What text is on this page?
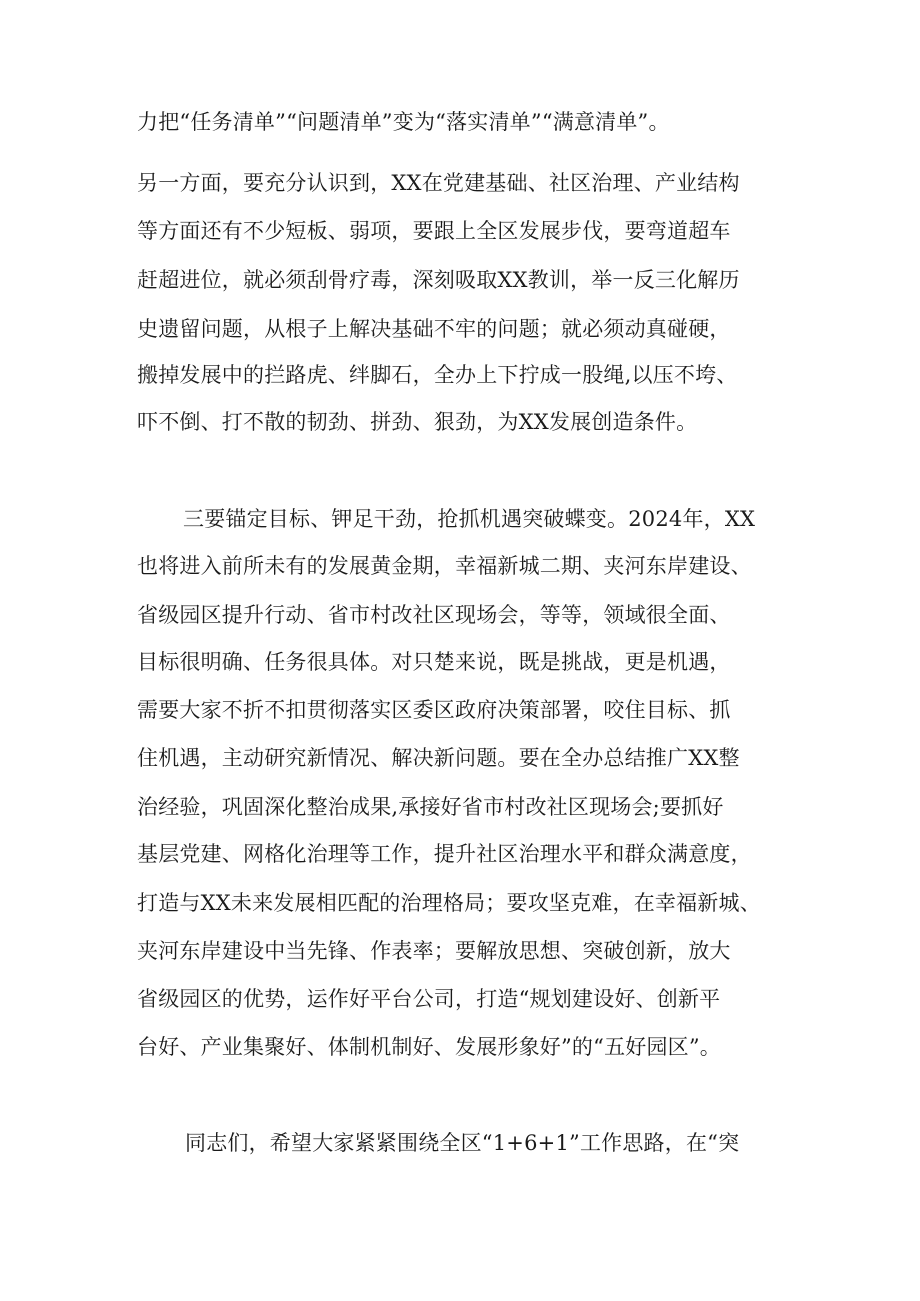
力把“任务清单”“问题清单”变为“落实清单”“满意清单”。
另一方面，要充分认识到，XX在党建基础、社区治理、产业结构
等方面还有不少短板、弱项，要跟上全区发展步伐，要弯道超车
赶超进位，就必须刮骨疗毒，深刻吸取XX教训，举一反三化解历
史遗留问题，从根子上解决基础不牢的问题；就必须动真碰硬，
搬掉发展中的拦路虎、绊脚石，全办上下拧成一股绳,以压不垮、
吓不倒、打不散的韧劲、拼劲、狠劲，为XX发展创造条件。
三要锚定目标、钾足干劲，抢抓机遇突破蝶变。2024年，XX
也将进入前所未有的发展黄金期，幸福新城二期、夹河东岸建设、
省级园区提升行动、省市村改社区现场会，等等，领域很全面、
目标很明确、任务很具体。对只楚来说，既是挑战，更是机遇，
需要大家不折不扣贯彻落实区委区政府决策部署，咬住目标、抓
住机遇，主动研究新情况、解决新问题。要在全办总结推广XX整
治经验，巩固深化整治成果,承接好省市村改社区现场会;要抓好
基层党建、网格化治理等工作，提升社区治理水平和群众满意度，
打造与XX未来发展相匹配的治理格局；要攻坚克难，在幸福新城、
夹河东岸建设中当先锋、作表率；要解放思想、突破创新，放大
省级园区的优势，运作好平台公司，打造“规划建设好、创新平
台好、产业集聚好、体制机制好、发展形象好”的“五好园区”。
同志们，希望大家紧紧围绕全区“1+6+1”工作思路，在“突
